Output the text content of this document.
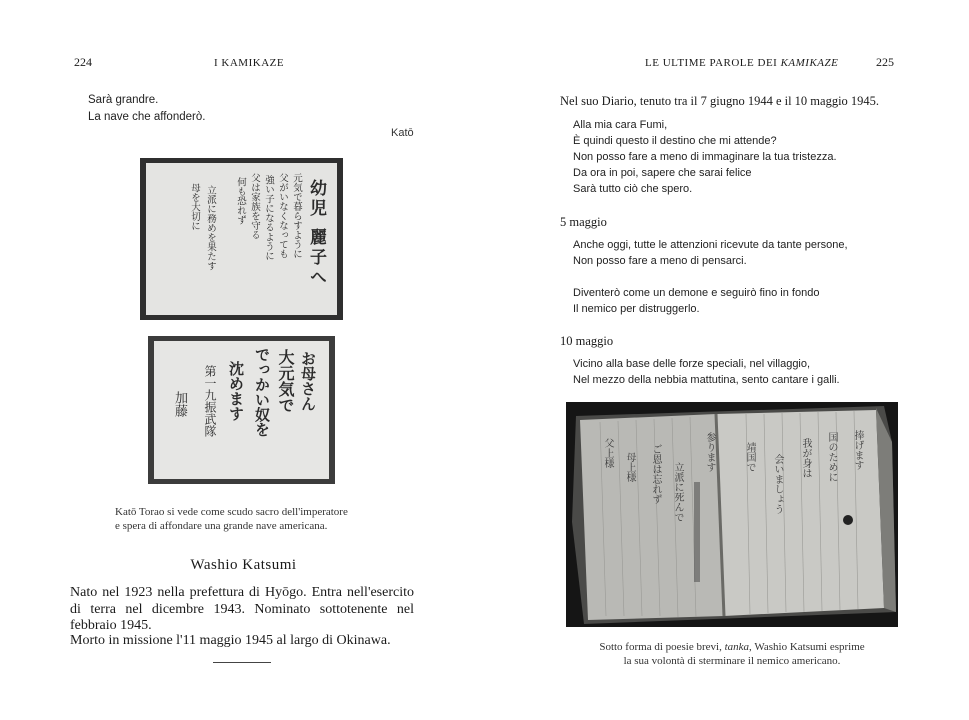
224	I KAMIKAZE
Sarà grandre.
La nave che affonderò.
Katō
幼児 麗子へ
元気で暮らすように
父がいなくなっても
強い子になるように
父は家族を守る
何も恐れず
立派に務めを果たす
母を大切に
お母さん
大元気で
でっかい奴を
沈めます
第一九振武隊
加藤
Katō Torao si vede come scudo sacro dell'imperatore
e spera di affondare una grande nave americana.
Washio Katsumi
Nato nel 1923 nella prefettura di Hyōgo. Entra nell'esercito di terra nel dicembre 1943. Nominato sottotenente nel febbraio 1945.
Morto in missione l'11 maggio 1945 al largo di Okinawa.
LE ULTIME PAROLE DEI KAMIKAZE	225
Nel suo Diario, tenuto tra il 7 giugno 1944 e il 10 maggio 1945.
Alla mia cara Fumi,
È quindi questo il destino che mi attende?
Non posso fare a meno di immaginare la tua tristezza.
Da ora in poi, sapere che sarai felice
Sarà tutto ciò che spero.
5 maggio
Anche oggi, tutte le attenzioni ricevute da tante persone,
Non posso fare a meno di pensarci.
Diventerò come un demone e seguirò fino in fondo
Il nemico per distruggerlo.
10 maggio
Vicino alla base delle forze speciali, nel villaggio,
Nel mezzo della nebbia mattutina, sento cantare i galli.
父上様 母上様 ご恩は忘れず 立派に死んで
参ります	靖国で 会いましょう 我が身は 国のために 捧げます
Sotto forma di poesie brevi, tanka, Washio Katsumi esprime
la sua volontà di sterminare il nemico americano.
